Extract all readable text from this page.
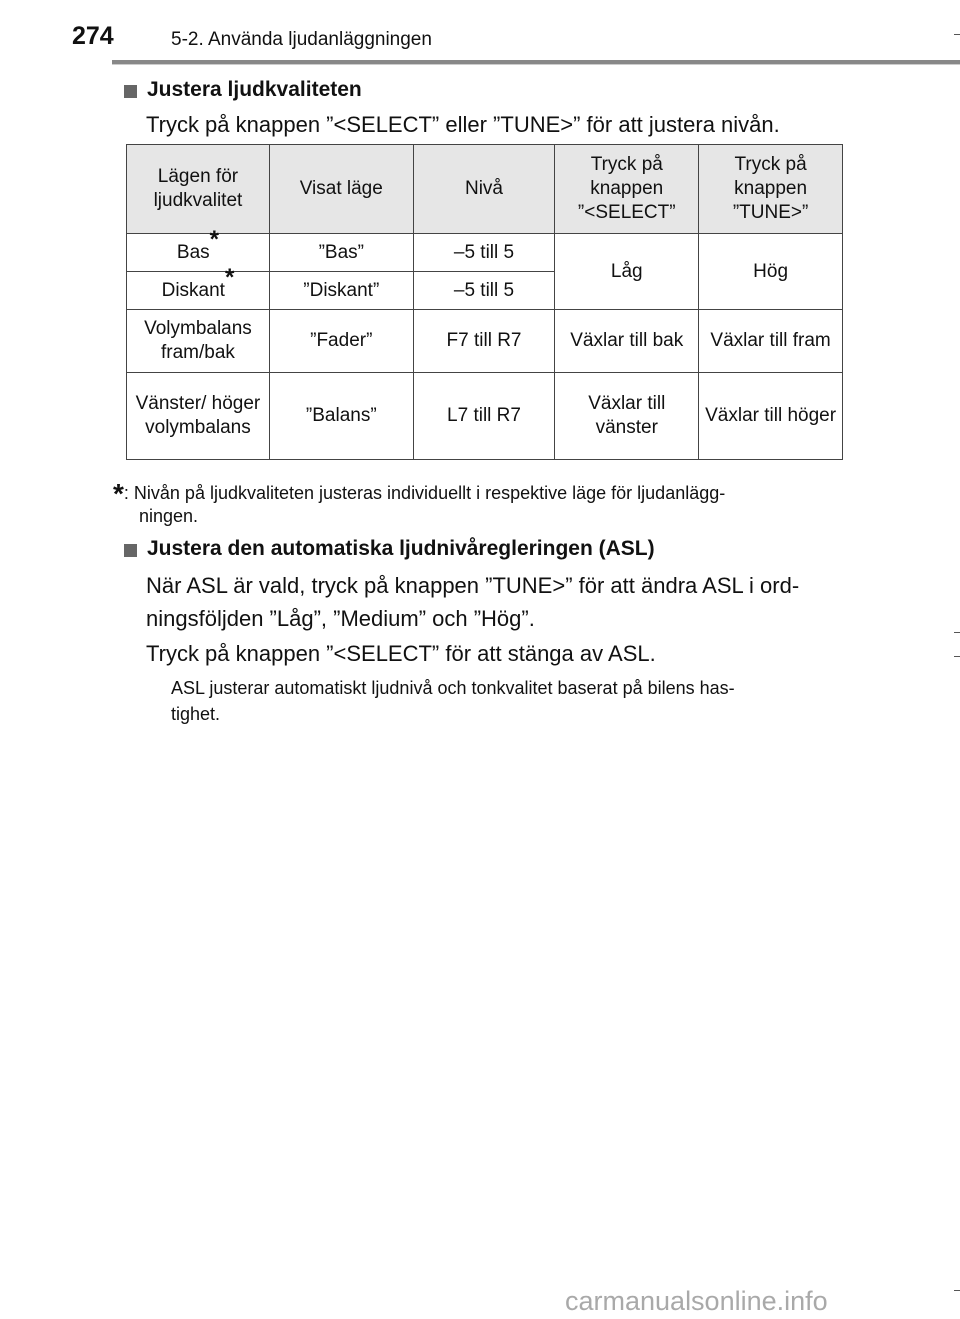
274	5-2. Använda ljudanläggningen
Justera ljudkvaliteten
Tryck på knappen ”<SELECT” eller ”TUNE>” för att justera nivån.
Lägen för ljudkvalitet	Visat läge	Nivå	Tryck på knappen ”<SELECT”	Tryck på knappen ”TUNE>”
Bas*	”Bas”	–5 till 5	Låg	Hög
Diskant*	”Diskant”	–5 till 5		
Volymbalans fram/bak	”Fader”	F7 till R7	Växlar till bak	Växlar till fram
Vänster/ höger volymbalans	”Balans”	L7 till R7	Växlar till vänster	Växlar till höger
*: Nivån på ljudkvaliteten justeras individuellt i respektive läge för ljudanlägg-
ningen.
Justera den automatiska ljudnivåregleringen (ASL)
När ASL är vald, tryck på knappen ”TUNE>” för att ändra ASL i ord-
ningsföljden ”Låg”, ”Medium” och ”Hög”.
Tryck på knappen ”<SELECT” för att stänga av ASL.
ASL justerar automatiskt ljudnivå och tonkvalitet baserat på bilens has-
tighet.
carmanualsonline.info
